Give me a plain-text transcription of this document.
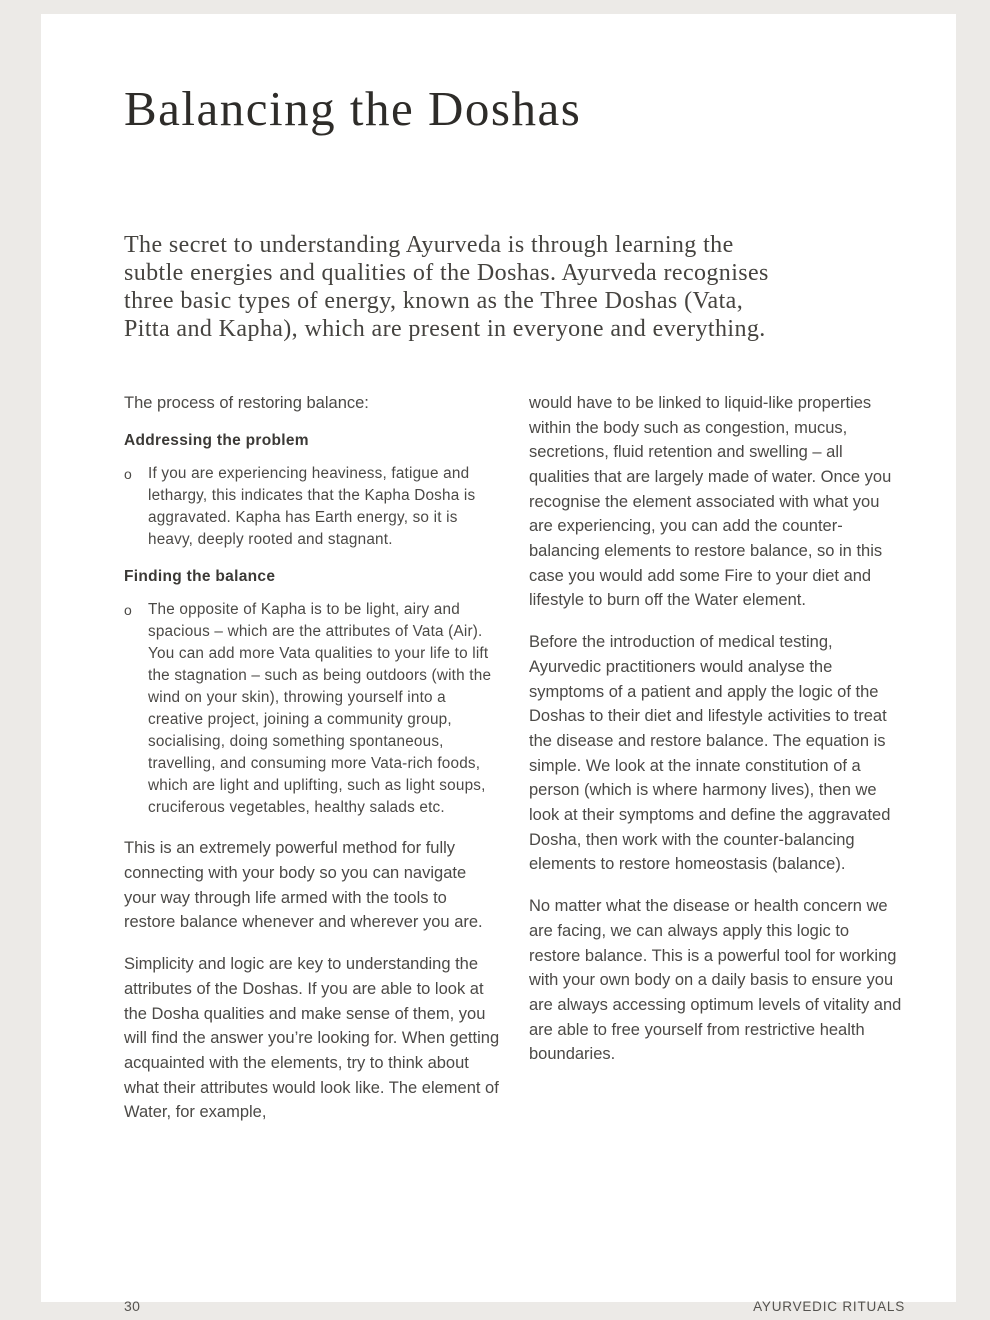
Balancing the Doshas

The secret to understanding Ayurveda is through learning the subtle energies and qualities of the Doshas. Ayurveda recognises three basic types of energy, known as the Three Doshas (Vata, Pitta and Kapha), which are present in everyone and everything.

The process of restoring balance:

Addressing the problem
o	If you are experiencing heaviness, fatigue and lethargy, this indicates that the Kapha Dosha is aggravated. Kapha has Earth energy, so it is heavy, deeply rooted and stagnant.

Finding the balance
o	The opposite of Kapha is to be light, airy and spacious – which are the attributes of Vata (Air). You can add more Vata qualities to your life to lift the stagnation – such as being outdoors (with the wind on your skin), throwing yourself into a creative project, joining a community group, socialising, doing something spontaneous, travelling, and consuming more Vata-rich foods, which are light and uplifting, such as light soups, cruciferous vegetables, healthy salads etc.

This is an extremely powerful method for fully connecting with your body so you can navigate your way through life armed with the tools to restore balance whenever and wherever you are.

Simplicity and logic are key to understanding the attributes of the Doshas. If you are able to look at the Dosha qualities and make sense of them, you will find the answer you’re looking for. When getting acquainted with the elements, try to think about what their attributes would look like. The element of Water, for example,

would have to be linked to liquid-like properties within the body such as congestion, mucus, secretions, fluid retention and swelling – all qualities that are largely made of water. Once you recognise the element associated with what you are experiencing, you can add the counter-balancing elements to restore balance, so in this case you would add some Fire to your diet and lifestyle to burn off the Water element.

Before the introduction of medical testing, Ayurvedic practitioners would analyse the symptoms of a patient and apply the logic of the Doshas to their diet and lifestyle activities to treat the disease and restore balance. The equation is simple. We look at the innate constitution of a person (which is where harmony lives), then we look at their symptoms and define the aggravated Dosha, then work with the counter-balancing elements to restore homeostasis (balance).

No matter what the disease or health concern we are facing, we can always apply this logic to restore balance. This is a powerful tool for working with your own body on a daily basis to ensure you are always accessing optimum levels of vitality and are able to free yourself from restrictive health boundaries.

30	AYURVEDIC RITUALS
